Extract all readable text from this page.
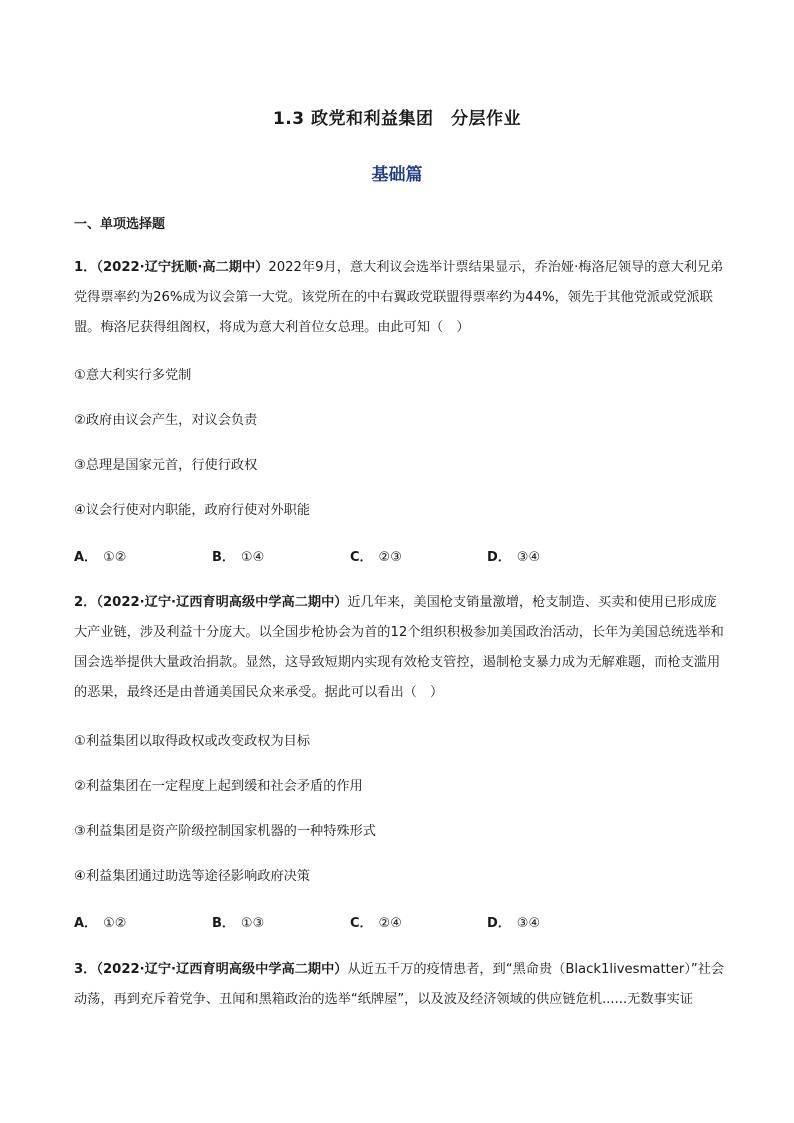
1.3 政党和利益集团　分层作业
基础篇
一、单项选择题
1．（2022·辽宁抚顺·高二期中）2022年9月，意大利议会选举计票结果显示，乔治娅·梅洛尼领导的意大利兄弟党得票率约为26%成为议会第一大党。该党所在的中右翼政党联盟得票率约为44%，领先于其他党派或党派联盟。梅洛尼获得组阁权，将成为意大利首位女总理。由此可知（　）
①意大利实行多党制
②政府由议会产生，对议会负责
③总理是国家元首，行使行政权
④议会行使对内职能，政府行使对外职能
A． ①②	B． ①④	C． ②③	D． ③④
2．（2022·辽宁·辽西育明高级中学高二期中）近几年来，美国枪支销量激增，枪支制造、买卖和使用已形成庞大产业链，涉及利益十分庞大。以全国步枪协会为首的12个组织积极参加美国政治活动，长年为美国总统选举和国会选举提供大量政治捐款。显然，这导致短期内实现有效枪支管控，遏制枪支暴力成为无解难题，而枪支滥用的恶果，最终还是由普通美国民众来承受。据此可以看出（　）
①利益集团以取得政权或改变政权为目标
②利益集团在一定程度上起到缓和社会矛盾的作用
③利益集团是资产阶级控制国家机器的一种特殊形式
④利益集团通过助选等途径影响政府决策
A． ①②	B． ①③	C． ②④	D． ③④
3．（2022·辽宁·辽西育明高级中学高二期中）从近五千万的疫情患者，到“黑命贵（Black1livesmatter）”社会动荡，再到充斥着党争、丑闻和黑箱政治的选举“纸牌屋”，以及波及经济领域的供应链危机......无数事实证
